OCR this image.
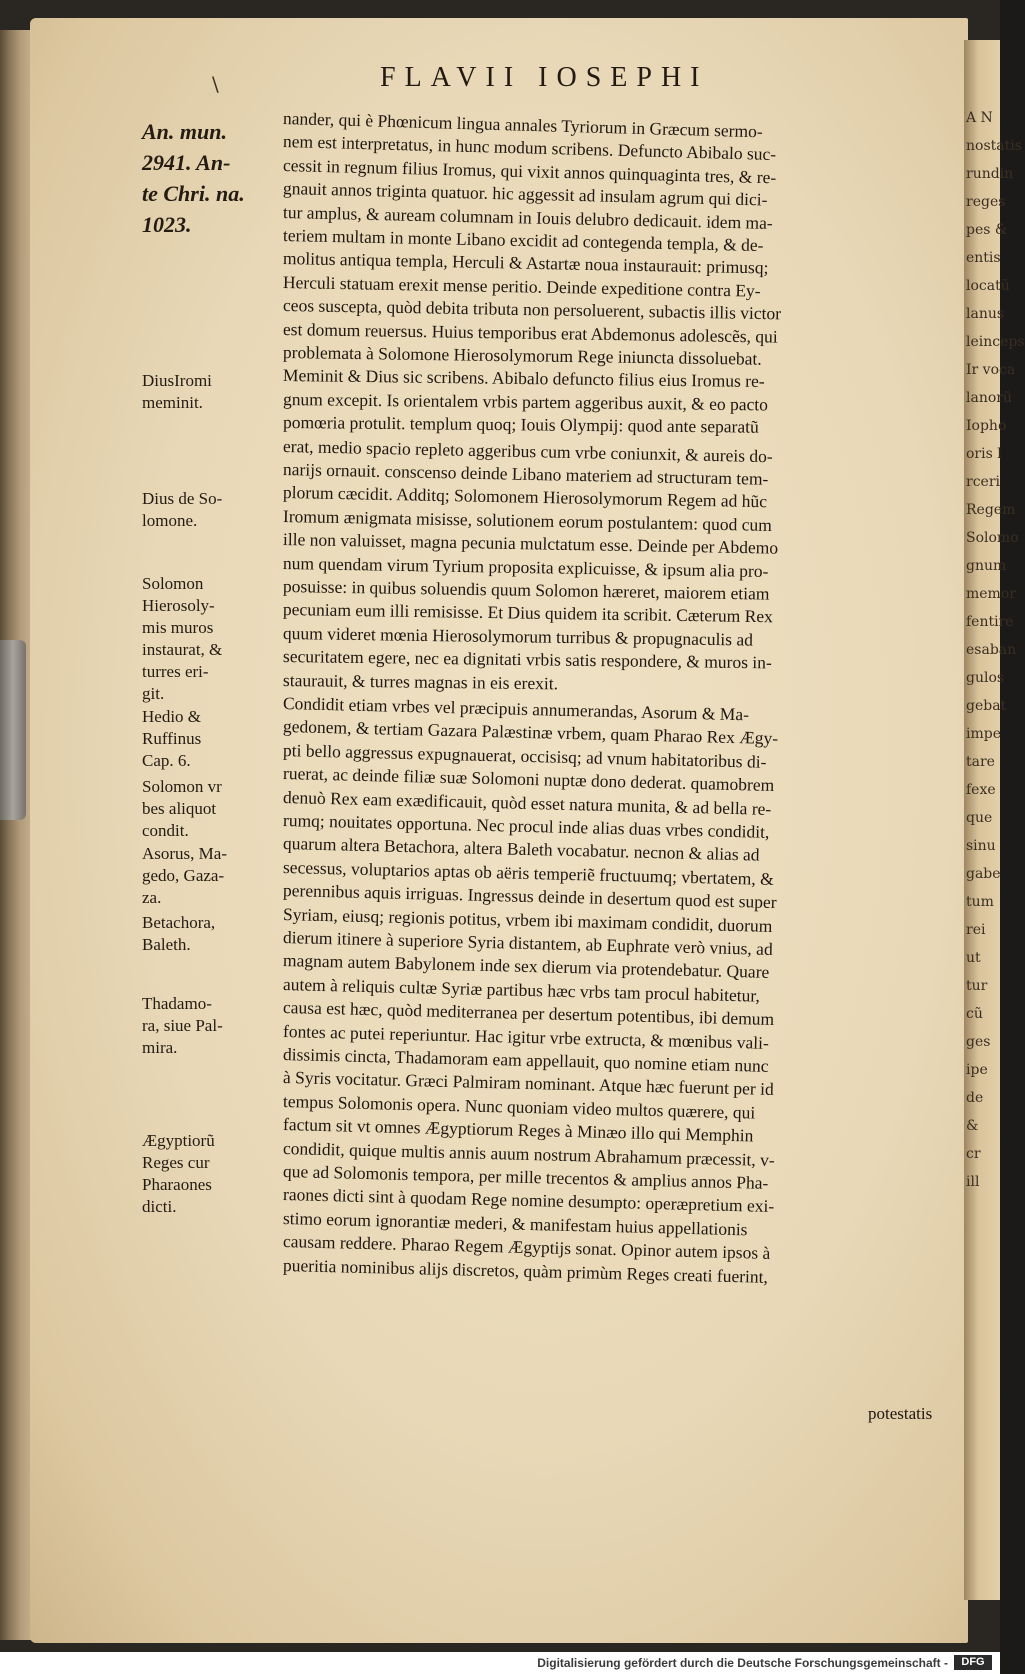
A N
nostatis
rundin
reges
pes &
entis
locatũ
lanus
leinceps
Ir voca
lanorũ
Iopho
oris l
rceri
Regem
Solomo
gnum
memor
fentire
esaban
gulos
gebat
impe
tare
fexe
que
sinu
gabe
tum
rei
ut
tur
cũ
ges
ipe
de
&
cr
ill
\	FLAVII IOSEPHI
An. mun.
2941. An-
te Chri. na.
1023.
DiusIromi
meminit.
Dius de So-
lomone.
Solomon
Hierosoly-
mis muros
instaurat, &
turres eri-
git.
Hedio &
Ruffinus
Cap. 6.
Solomon vr
bes aliquot
condit.
Asorus, Ma-
gedo, Gaza-
za.
Betachora,
Baleth.
Thadamo-
ra, siue Pal-
mira.
Ægyptiorũ
Reges cur
Pharaones
dicti.
nander, qui è Phœnicum lingua annales Tyriorum in Græcum sermo-
nem est interpretatus, in hunc modum scribens. Defuncto Abibalo suc-
cessit in regnum filius Iromus, qui vixit annos quinquaginta tres, & re-
gnauit annos triginta quatuor. hic aggessit ad insulam agrum qui dici-
tur amplus, & auream columnam in Iouis delubro dedicauit. idem ma-
teriem multam in monte Libano excidit ad contegenda templa, & de-
molitus antiqua templa, Herculi & Astartæ noua instaurauit: primusq;
Herculi statuam erexit mense peritio. Deinde expeditione contra Ey-
ceos suscepta, quòd debita tributa non persoluerent, subactis illis victor
est domum reuersus. Huius temporibus erat Abdemonus adolescẽs, qui
problemata à Solomone Hierosolymorum Rege iniuncta dissoluebat.
Meminit & Dius sic scribens. Abibalo defuncto filius eius Iromus re-
gnum excepit. Is orientalem vrbis partem aggeribus auxit, & eo pacto
pomœria protulit. templum quoq; Iouis Olympij: quod ante separatũ
erat, medio spacio repleto aggeribus cum vrbe coniunxit, & aureis do-
narijs ornauit. conscenso deinde Libano materiem ad structuram tem-
plorum cæcidit. Additq; Solomonem Hierosolymorum Regem ad hũc
Iromum ænigmata misisse, solutionem eorum postulantem: quod cum
ille non valuisset, magna pecunia mulctatum esse. Deinde per Abdemo
num quendam virum Tyrium proposita explicuisse, & ipsum alia pro-
posuisse: in quibus soluendis quum Solomon hæreret, maiorem etiam
pecuniam eum illi remisisse. Et Dius quidem ita scribit. Cæterum Rex
quum videret mœnia Hierosolymorum turribus & propugnaculis ad
securitatem egere, nec ea dignitati vrbis satis respondere, & muros in-
staurauit, & turres magnas in eis erexit.
Condidit etiam vrbes vel præcipuis annumerandas, Asorum & Ma-
gedonem, & tertiam Gazara Palæstinæ vrbem, quam Pharao Rex Ægy-
pti bello aggressus expugnauerat, occisisq; ad vnum habitatoribus di-
ruerat, ac deinde filiæ suæ Solomoni nuptæ dono dederat. quamobrem
denuò Rex eam exædificauit, quòd esset natura munita, & ad bella re-
rumq; nouitates opportuna. Nec procul inde alias duas vrbes condidit,
quarum altera Betachora, altera Baleth vocabatur. necnon & alias ad
secessus, voluptarios aptas ob aëris temperiẽ fructuumq; vbertatem, &
perennibus aquis irriguas. Ingressus deinde in desertum quod est super
Syriam, eiusq; regionis potitus, vrbem ibi maximam condidit, duorum
dierum itinere à superiore Syria distantem, ab Euphrate verò vnius, ad
magnam autem Babylonem inde sex dierum via protendebatur. Quare
autem à reliquis cultæ Syriæ partibus hæc vrbs tam procul habitetur,
causa est hæc, quòd mediterranea per desertum potentibus, ibi demum
fontes ac putei reperiuntur. Hac igitur vrbe extructa, & mœnibus vali-
dissimis cincta, Thadamoram eam appellauit, quo nomine etiam nunc
à Syris vocitatur. Græci Palmiram nominant. Atque hæc fuerunt per id
tempus Solomonis opera. Nunc quoniam video multos quærere, qui
factum sit vt omnes Ægyptiorum Reges à Minæo illo qui Memphin
condidit, quique multis annis auum nostrum Abrahamum præcessit, v-
que ad Solomonis tempora, per mille trecentos & amplius annos Pha-
raones dicti sint à quodam Rege nomine desumpto: operæpretium exi-
stimo eorum ignorantiæ mederi, & manifestam huius appellationis
causam reddere. Pharao Regem Ægyptijs sonat. Opinor autem ipsos à
pueritia nominibus alijs discretos, quàm primùm Reges creati fuerint,
potestatis
Digitalisierung gefördert durch die Deutsche Forschungsgemeinschaft -	DFG
